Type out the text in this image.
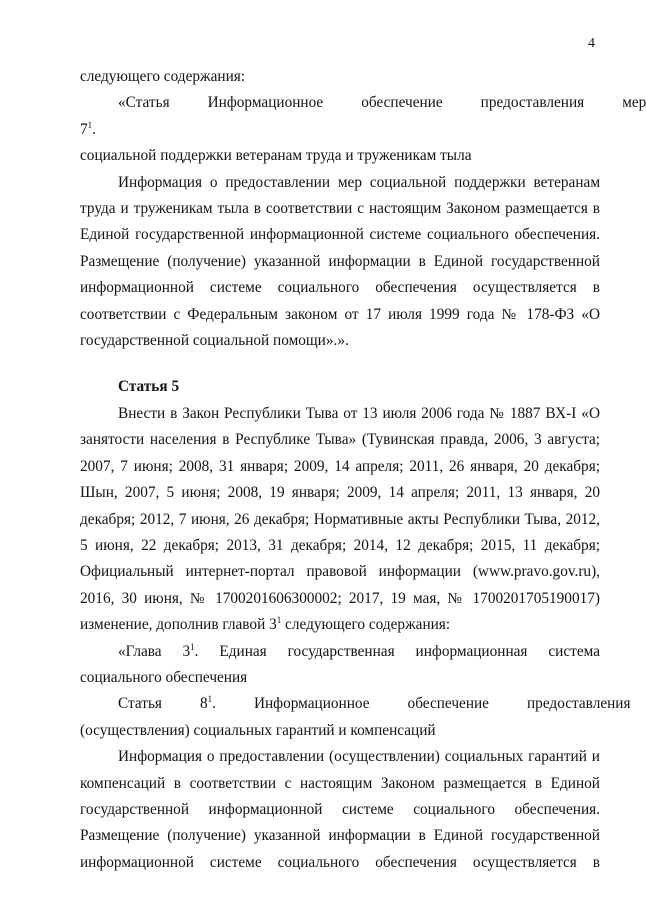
4

следующего содержания:

«Статья $7^1$.
Информационное	обеспечение	предоставления	мер

социальной поддержки ветеранам труда и труженикам тыла

Информация о предоставлении мер социальной поддержки ветеранам труда и труженикам тыла в соответствии с настоящим Законом размещается в Единой государственной информационной системе социального обеспечения. Размещение (получение) указанной информации в Единой государственной информационной системе социального обеспечения осуществляется в соответствии с Федеральным законом от 17 июля 1999 года № 178-ФЗ «О государственной социальной помощи».».

Статья 5

Внести в Закон Республики Тыва от 13 июля 2006 года № 1887 ВХ-I «О занятости населения в Республике Тыва» (Тувинская правда, 2006, 3 августа; 2007, 7 июня; 2008, 31 января; 2009, 14 апреля; 2011, 26 января, 20 декабря; Шын, 2007, 5 июня; 2008, 19 января; 2009, 14 апреля; 2011, 13 января, 20 декабря; 2012, 7 июня, 26 декабря; Нормативные акты Республики Тыва, 2012, 5 июня, 22 декабря; 2013, 31 декабря; 2014, 12 декабря; 2015, 11 декабря; Официальный интернет-портал правовой информации (www.pravo.gov.ru), 2016, 30 июня, № 1700201606300002; 2017, 19 мая, № 1700201705190017) изменение, дополнив главой $3^1$ следующего содержания:

«Глава $3^1$. Единая государственная информационная система социального обеспечения

Статья	$8^1$.	Информационное	обеспечение	предоставления

(осуществления) социальных гарантий и компенсаций

Информация о предоставлении (осуществлении) социальных гарантий и компенсаций в соответствии с настоящим Законом размещается в Единой государственной информационной системе социального обеспечения. Размещение (получение) указанной информации в Единой государственной информационной системе социального обеспечения осуществляется в
